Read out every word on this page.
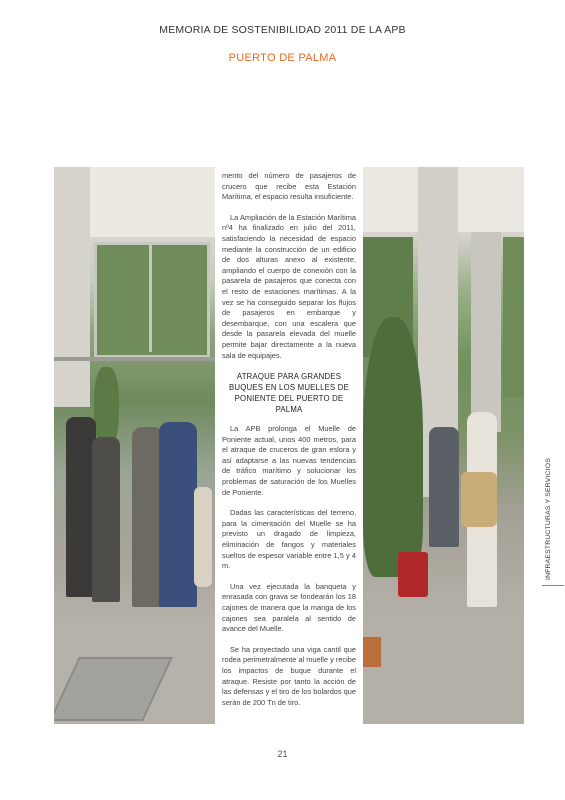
MEMORIA DE SOSTENIBILIDAD 2011 DE LA APB
PUERTO DE PALMA

mento del número de pasajeros de crucero que recibe esta Estación Marítima, el espacio resulta insuficiente.

La Ampliación de la Estación Marítima nº4 ha finalizado en julio del 2011, satisfaciendo la necesidad de espacio mediante la construcción de un edificio de dos alturas anexo al existente, ampliando el cuerpo de conexión con la pasarela de pasajeros que conecta con el resto de estaciones marítimas. A la vez se ha conseguido separar los flujos de pasajeros en embarque y desembarque, con una escalera que desde la pasarela elevada del muelle permite bajar directamente a la nueva sala de equipajes.

ATRAQUE PARA GRANDES BUQUES EN LOS MUELLES DE PONIENTE DEL PUERTO DE PALMA

La APB prolonga el Muelle de Poniente actual, unos 400 metros, para el atraque de cruceros de gran eslora y así adaptarse a las nuevas tendencias de tráfico marítimo y solucionar los problemas de saturación de los Muelles de Poniente.

Dadas las características del terreno, para la cimentación del Muelle se ha previsto un dragado de limpieza, eliminación de fangos y materiales sueltos de espesor variable entre 1,5 y 4 m.

Una vez ejecutada la banqueta y enrasada con grava se fondearán los 18 cajones de manera que la manga de los cajones sea paralela al sentido de avance del Muelle.

Se ha proyectado una viga cantil que rodea perimetralmente al muelle y recibe los impactos de buque durante el atraque. Resiste por tanto la acción de las defensas y el tiro de los bolardos que serán de 200 Tn de tiro.

INFRAESTRUCTURAS Y SERVICIOS
21
